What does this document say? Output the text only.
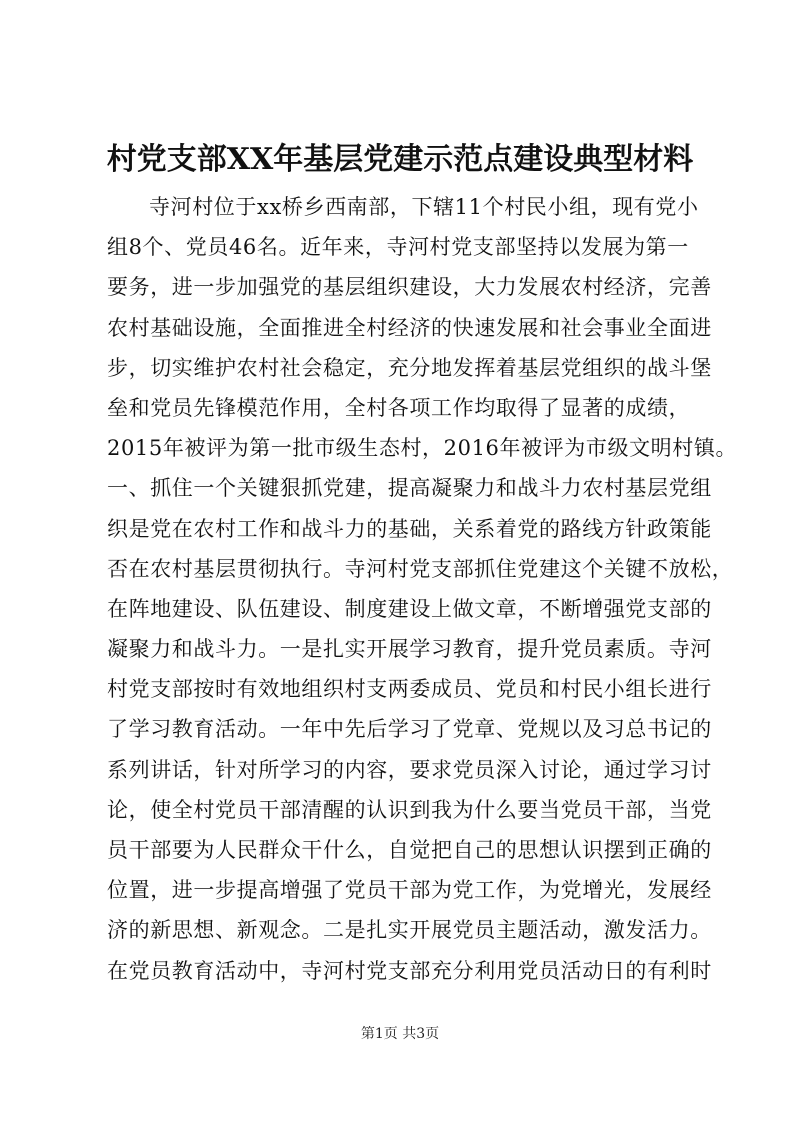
村党支部XX年基层党建示范点建设典型材料
寺河村位于xx桥乡西南部，下辖11个村民小组，现有党小
组8个、党员46名。近年来，寺河村党支部坚持以发展为第一
要务，进一步加强党的基层组织建设，大力发展农村经济，完善
农村基础设施，全面推进全村经济的快速发展和社会事业全面进
步，切实维护农村社会稳定，充分地发挥着基层党组织的战斗堡
垒和党员先锋模范作用，全村各项工作均取得了显著的成绩，
2015年被评为第一批市级生态村，2016年被评为市级文明村镇。
一、抓住一个关键狠抓党建，提高凝聚力和战斗力农村基层党组
织是党在农村工作和战斗力的基础，关系着党的路线方针政策能
否在农村基层贯彻执行。寺河村党支部抓住党建这个关键不放松，
在阵地建设、队伍建设、制度建设上做文章，不断增强党支部的
凝聚力和战斗力。一是扎实开展学习教育，提升党员素质。寺河
村党支部按时有效地组织村支两委成员、党员和村民小组长进行
了学习教育活动。一年中先后学习了党章、党规以及习总书记的
系列讲话，针对所学习的内容，要求党员深入讨论，通过学习讨
论，使全村党员干部清醒的认识到我为什么要当党员干部，当党
员干部要为人民群众干什么，自觉把自己的思想认识摆到正确的
位置，进一步提高增强了党员干部为党工作，为党增光，发展经
济的新思想、新观念。二是扎实开展党员主题活动，激发活力。
在党员教育活动中，寺河村党支部充分利用党员活动日的有利时
第1页 共3页
